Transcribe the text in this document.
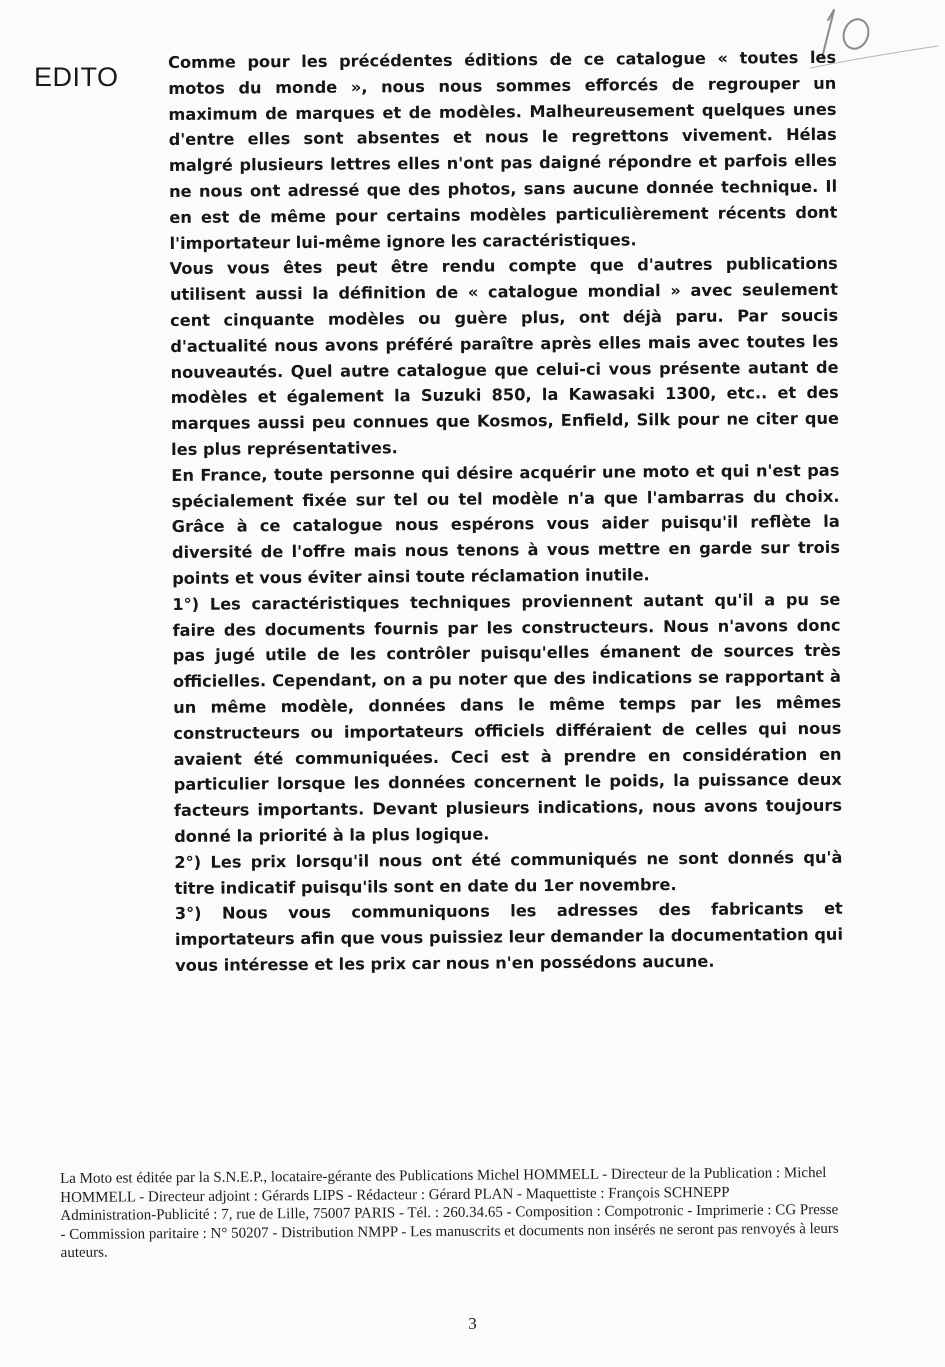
EDITO

Comme pour les précédentes éditions de ce catalogue « toutes les motos du monde », nous nous sommes efforcés de regrouper un maximum de marques et de modèles. Malheureusement quelques unes d'entre elles sont absentes et nous le regrettons vivement. Hélas malgré plusieurs lettres elles n'ont pas daigné répondre et parfois elles ne nous ont adressé que des photos, sans aucune donnée technique. Il en est de même pour certains modèles particulièrement récents dont l'importateur lui-même ignore les caractéristiques.

Vous vous êtes peut être rendu compte que d'autres publications utilisent aussi la définition de « catalogue mondial » avec seulement cent cinquante modèles ou guère plus, ont déjà paru. Par soucis d'actualité nous avons préféré paraître après elles mais avec toutes les nouveautés. Quel autre catalogue que celui-ci vous présente autant de modèles et également la Suzuki 850, la Kawasaki 1300, etc.. et des marques aussi peu connues que Kosmos, Enfield, Silk pour ne citer que les plus représentatives.

En France, toute personne qui désire acquérir une moto et qui n'est pas spécialement fixée sur tel ou tel modèle n'a que l'ambarras du choix. Grâce à ce catalogue nous espérons vous aider puisqu'il reflète la diversité de l'offre mais nous tenons à vous mettre en garde sur trois points et vous éviter ainsi toute réclamation inutile.

1°) Les caractéristiques techniques proviennent autant qu'il a pu se faire des documents fournis par les constructeurs. Nous n'avons donc pas jugé utile de les contrôler puisqu'elles émanent de sources très officielles. Cependant, on a pu noter que des indications se rapportant à un même modèle, données dans le même temps par les mêmes constructeurs ou importateurs officiels différaient de celles qui nous avaient été communiquées. Ceci est à prendre en considération en particulier lorsque les données concernent le poids, la puissance deux facteurs importants. Devant plusieurs indications, nous avons toujours donné la priorité à la plus logique.

2°) Les prix lorsqu'il nous ont été communiqués ne sont donnés qu'à titre indicatif puisqu'ils sont en date du 1er novembre.

3°) Nous vous communiquons les adresses des fabricants et importateurs afin que vous puissiez leur demander la documentation qui vous intéresse et les prix car nous n'en possédons aucune.

La Moto est éditée par la S.N.E.P., locataire-gérante des Publications Michel HOMMELL - Directeur de la Publication : Michel HOMMELL - Directeur adjoint : Gérards LIPS - Rédacteur : Gérard PLAN - Maquettiste : François SCHNEPP

Administration-Publicité : 7, rue de Lille, 75007 PARIS - Tél. : 260.34.65 - Composition : Compotronic - Imprimerie : CG Presse - Commission paritaire : N° 50207 - Distribution NMPP - Les manuscrits et documents non insérés ne seront pas renvoyés à leurs auteurs.

3
